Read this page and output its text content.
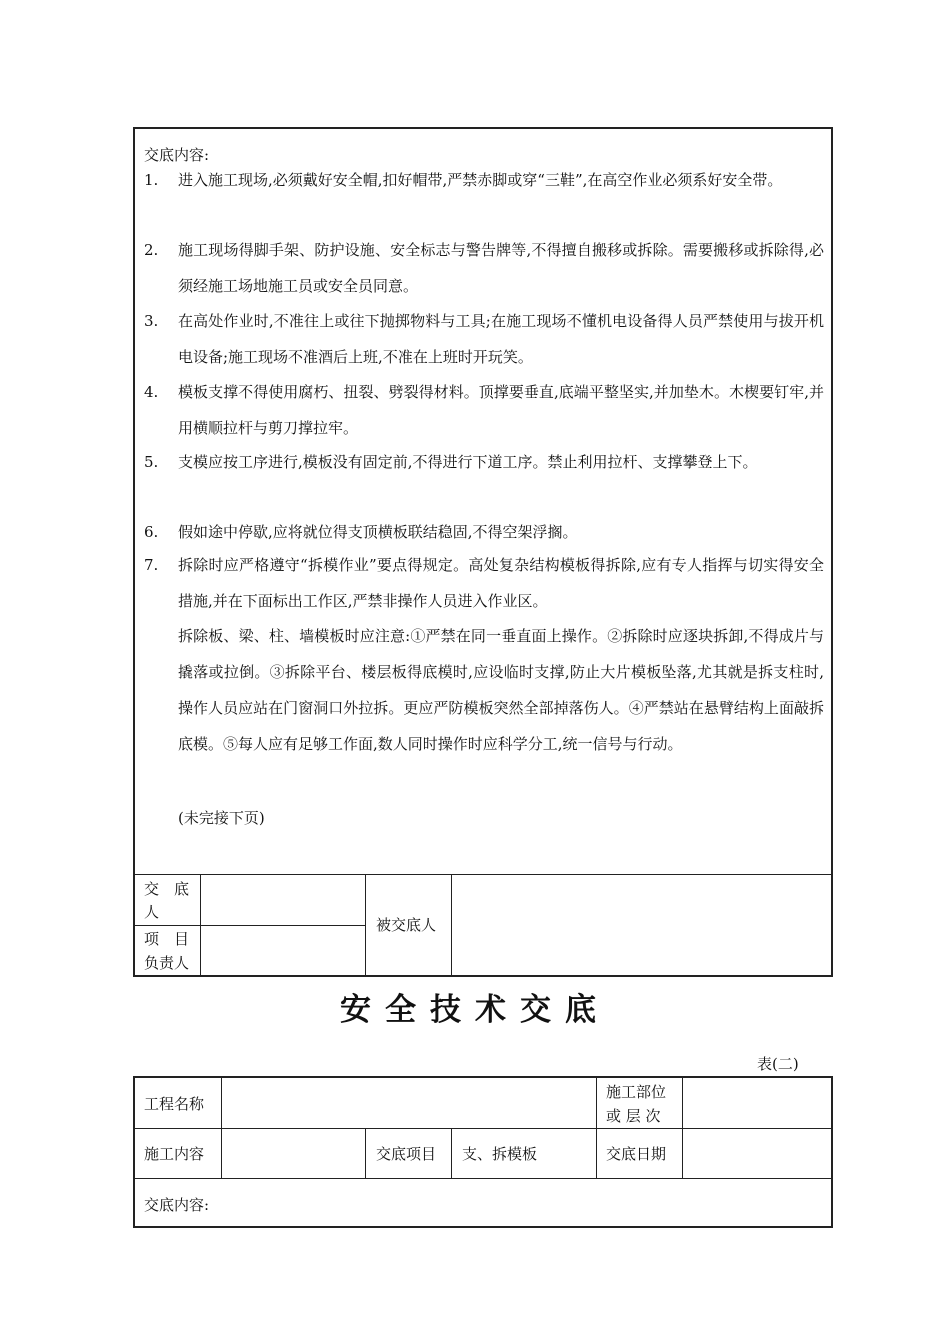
交底内容:
1. 进入施工现场,必须戴好安全帽,扣好帽带,严禁赤脚或穿“三鞋”,在高空作业必须系好安全带。
2. 施工现场得脚手架、防护设施、安全标志与警告牌等,不得擅自搬移或拆除。需要搬移或拆除得,必须经施工场地施工员或安全员同意。
3. 在高处作业时,不准往上或往下抛掷物料与工具;在施工现场不懂机电设备得人员严禁使用与拔开机电设备;施工现场不准酒后上班,不准在上班时开玩笑。
4. 模板支撑不得使用腐朽、扭裂、劈裂得材料。顶撑要垂直,底端平整坚实,并加垫木。木楔要钉牢,并用横顺拉杆与剪刀撑拉牢。
5. 支模应按工序进行,模板没有固定前,不得进行下道工序。禁止利用拉杆、支撑攀登上下。
6. 假如途中停歇,应将就位得支顶横板联结稳固,不得空架浮搁。
7. 拆除时应严格遵守“拆模作业”要点得规定。高处复杂结构模板得拆除,应有专人指挥与切实得安全措施,并在下面标出工作区,严禁非操作人员进入作业区。
拆除板、梁、柱、墙模板时应注意:①严禁在同一垂直面上操作。②拆除时应逐块拆卸,不得成片与撬落或拉倒。③拆除平台、楼层板得底模时,应设临时支撑,防止大片模板坠落,尤其就是拆支柱时,操作人员应站在门窗洞口外拉拆。更应严防模板突然全部掉落伤人。④严禁站在悬臂结构上面敲拆底模。⑤每人应有足够工作面,数人同时操作时应科学分工,统一信号与行动。
(未完接下页)
交　底
人
项　目
负责人
被交底人
安全技术交底
表(二)
工程名称
施工部位
或 层 次
施工内容	交底项目 支、拆模板	交底日期
交底内容:
